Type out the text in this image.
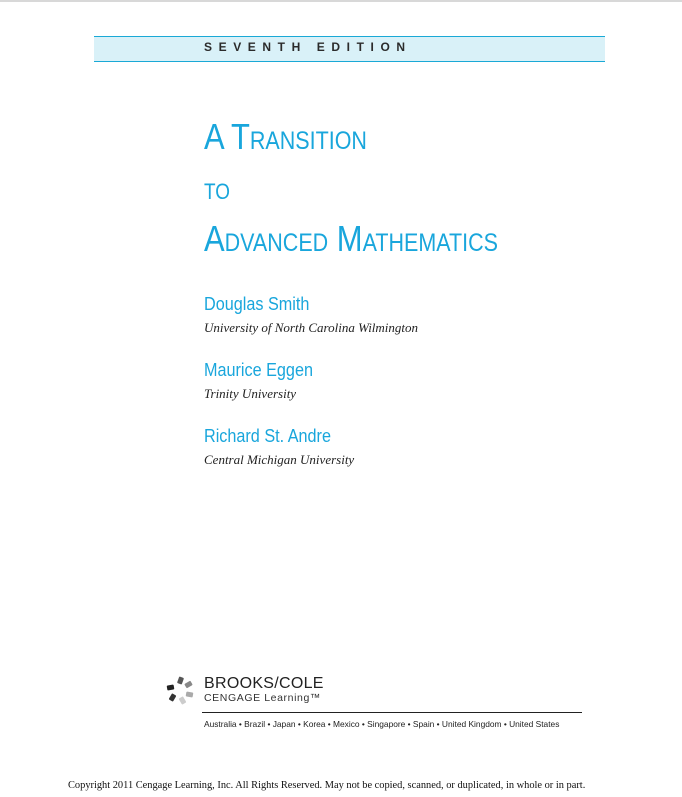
SEVENTH EDITION
A Transition
to
Advanced Mathematics
Douglas Smith
University of North Carolina Wilmington
Maurice Eggen
Trinity University
Richard St. Andre
Central Michigan University
BROOKS/COLE
CENGAGE Learning™
Australia • Brazil • Japan • Korea • Mexico • Singapore • Spain • United Kingdom • United States
Copyright 2011 Cengage Learning, Inc. All Rights Reserved. May not be copied, scanned, or duplicated, in whole or in part.
